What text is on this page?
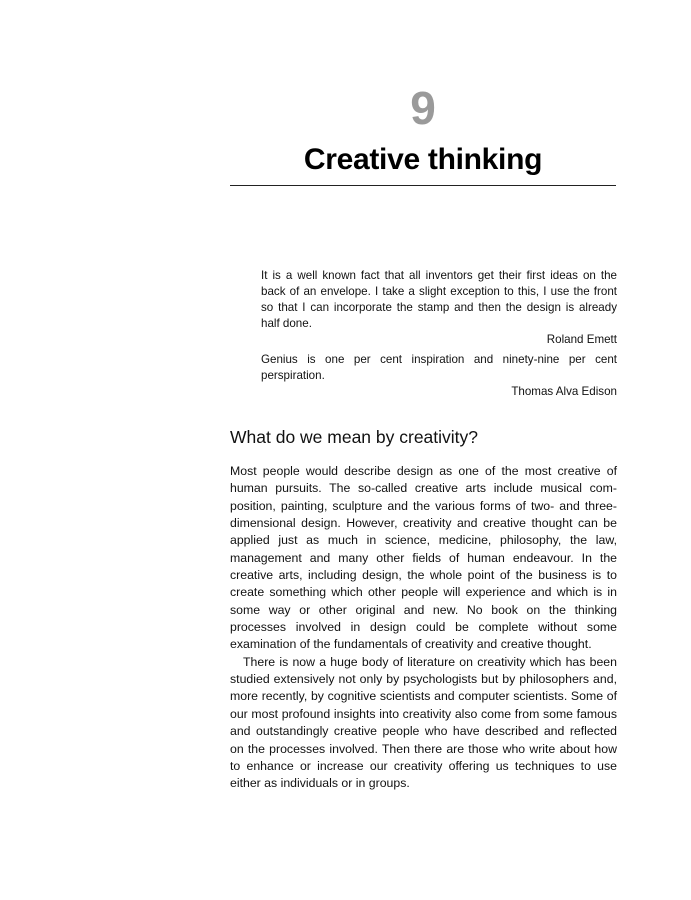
9
Creative thinking

It is a well known fact that all inventors get their first ideas on the back of an envelope. I take a slight exception to this, I use the front so that I can incorporate the stamp and then the design is already half done.

Roland Emett

Genius is one per cent inspiration and ninety-nine per cent perspiration.

Thomas Alva Edison

What do we mean by creativity?

Most people would describe design as one of the most creative of human pursuits. The so-called creative arts include musical composition, painting, sculpture and the various forms of two- and three-dimensional design. However, creativity and creative thought can be applied just as much in science, medicine, philosophy, the law, management and many other fields of human endeavour. In the creative arts, including design, the whole point of the business is to create something which other people will experience and which is in some way or other original and new. No book on the thinking processes involved in design could be complete without some examination of the fundamentals of creativity and creative thought.

There is now a huge body of literature on creativity which has been studied extensively not only by psychologists but by philosophers and, more recently, by cognitive scientists and computer scientists. Some of our most profound insights into creativity also come from some famous and outstandingly creative people who have described and reflected on the processes involved. Then there are those who write about how to enhance or increase our creativity offering us techniques to use either as individuals or in groups.
